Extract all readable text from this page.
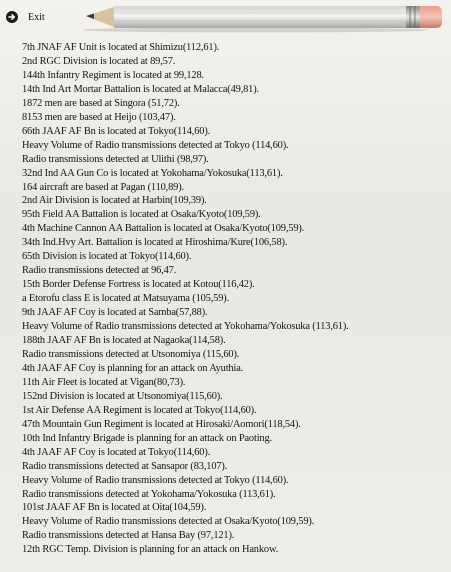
Exit
7th JNAF AF Unit is located at Shimizu(112,61).
2nd RGC Division is located at 89,57.
144th Infantry Regiment is located at 99,128.
14th Ind Art Mortar Battalion is located at Malacca(49,81).
1872 men are based at Singora (51,72).
8153 men are based at Heijo (103,47).
66th JAAF AF Bn is located at Tokyo(114,60).
Heavy Volume of Radio transmissions detected at Tokyo (114,60).
Radio transmissions detected at Ulithi (98,97).
32nd Ind AA Gun Co is located at Yokohama/Yokosuka(113,61).
164 aircraft are based at Pagan (110,89).
2nd Air Division is located at Harbin(109,39).
95th Field AA Battalion is located at Osaka/Kyoto(109,59).
4th Machine Cannon AA Battalion is located at Osaka/Kyoto(109,59).
34th Ind.Hvy Art. Battalion is located at Hiroshima/Kure(106,58).
65th Division is located at Tokyo(114,60).
Radio transmissions detected at 96,47.
15th Border Defense Fortress is located at Kotou(116,42).
a Etorofu class E is located at Matsuyama (105,59).
9th JAAF AF Coy is located at Samba(57,88).
Heavy Volume of Radio transmissions detected at Yokohama/Yokosuka (113,61).
188th JAAF AF Bn is located at Nagaoka(114,58).
Radio transmissions detected at Utsonomiya (115,60).
4th JAAF AF Coy is planning for an attack on Ayuthia.
11th Air Fleet is located at Vigan(80,73).
152nd Division is located at Utsonomiya(115,60).
1st Air Defense AA Regiment is located at Tokyo(114,60).
47th Mountain Gun Regiment is located at Hirosaki/Aomori(118,54).
10th Ind Infantry Brigade is planning for an attack on Paoting.
4th JAAF AF Coy is located at Tokyo(114,60).
Radio transmissions detected at Sansapor (83,107).
Heavy Volume of Radio transmissions detected at Tokyo (114,60).
Radio transmissions detected at Yokohama/Yokosuka (113,61).
101st JAAF AF Bn is located at Oita(104,59).
Heavy Volume of Radio transmissions detected at Osaka/Kyoto(109,59).
Radio transmissions detected at Hansa Bay (97,121).
12th RGC Temp. Division is planning for an attack on Hankow.
